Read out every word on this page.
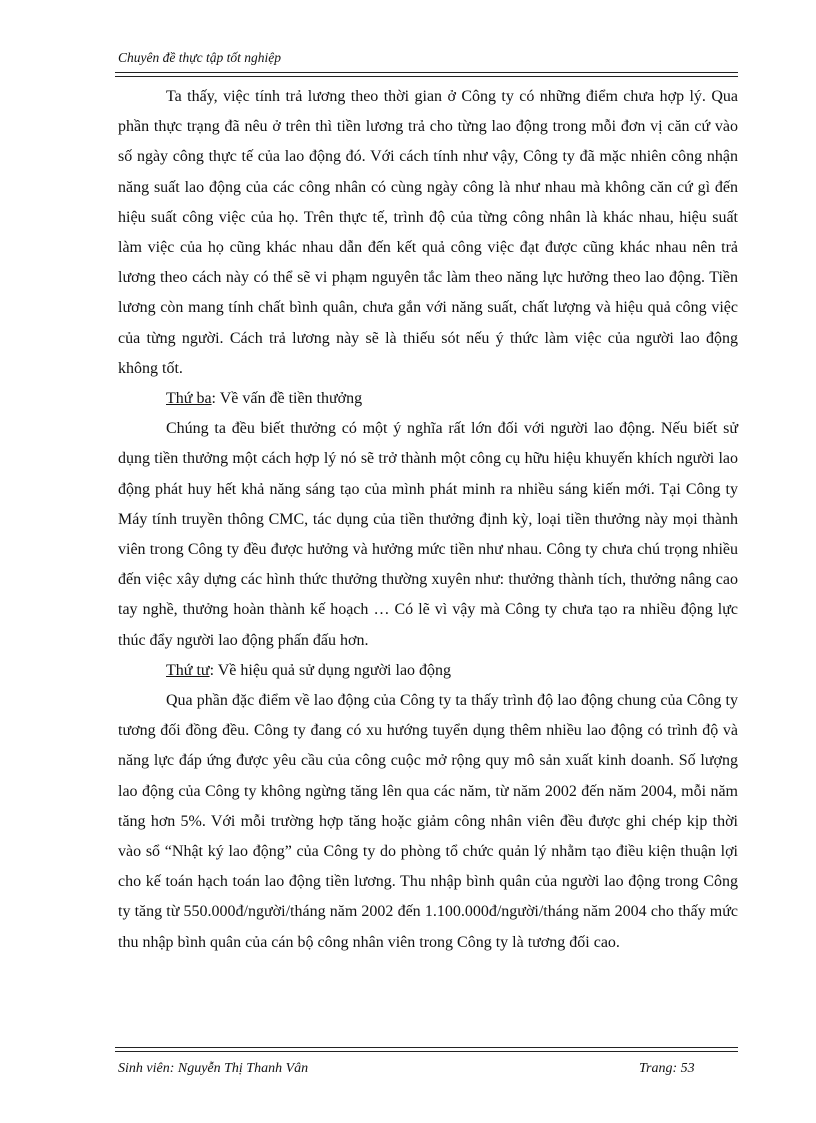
Chuyên đề thực tập tốt nghiệp

Ta thấy, việc tính trả lương theo thời gian ở Công ty có những điểm chưa hợp lý. Qua phần thực trạng đã nêu ở trên thì tiền lương trả cho từng lao động trong mỗi đơn vị căn cứ vào số ngày công thực tế của lao động đó. Với cách tính như vậy, Công ty đã mặc nhiên công nhận năng suất lao động của các công nhân có cùng ngày công là như nhau mà không căn cứ gì đến hiệu suất công việc của họ. Trên thực tế, trình độ của từng công nhân là khác nhau, hiệu suất làm việc của họ cũng khác nhau dẫn đến kết quả công việc đạt được cũng khác nhau nên trả lương theo cách này có thể sẽ vi phạm nguyên tắc làm theo năng lực hưởng theo lao động. Tiền lương còn mang tính chất bình quân, chưa gắn với năng suất, chất lượng và hiệu quả công việc của từng người. Cách trả lương này sẽ là thiếu sót nếu ý thức làm việc của người lao động không tốt.

Thứ ba: Về vấn đề tiền thưởng

Chúng ta đều biết thưởng có một ý nghĩa rất lớn đối với người lao động. Nếu biết sử dụng tiền thưởng một cách hợp lý nó sẽ trở thành một công cụ hữu hiệu khuyến khích người lao động phát huy hết khả năng sáng tạo của mình phát minh ra nhiều sáng kiến mới. Tại Công ty Máy tính truyền thông CMC, tác dụng của tiền thưởng định kỳ, loại tiền thưởng này mọi thành viên trong Công ty đều được hưởng và hưởng mức tiền như nhau. Công ty chưa chú trọng nhiều đến việc xây dựng các hình thức thưởng thường xuyên như: thưởng thành tích, thưởng nâng cao tay nghề, thưởng hoàn thành kế hoạch … Có lẽ vì vậy mà Công ty chưa tạo ra nhiều động lực thúc đẩy người lao động phấn đấu hơn.

Thứ tư: Về hiệu quả sử dụng người lao động

Qua phần đặc điểm về lao động của Công ty ta thấy trình độ lao động chung của Công ty tương đối đồng đều. Công ty đang có xu hướng tuyển dụng thêm nhiều lao động có trình độ và năng lực đáp ứng được yêu cầu của công cuộc mở rộng quy mô sản xuất kinh doanh. Số lượng lao động của Công ty không ngừng tăng lên qua các năm, từ năm 2002 đến năm 2004, mỗi năm tăng hơn 5%. Với mỗi trường hợp tăng hoặc giảm công nhân viên đều được ghi chép kịp thời vào sổ “Nhật ký lao động” của Công ty do phòng tổ chức quản lý nhằm tạo điều kiện thuận lợi cho kế toán hạch toán lao động tiền lương. Thu nhập bình quân của người lao động trong Công ty tăng từ 550.000đ/người/tháng năm 2002 đến 1.100.000đ/người/tháng năm 2004 cho thấy mức thu nhập bình quân của cán bộ công nhân viên trong Công ty là tương đối cao.

Sinh viên: Nguyễn Thị Thanh Vân	Trang: 53
